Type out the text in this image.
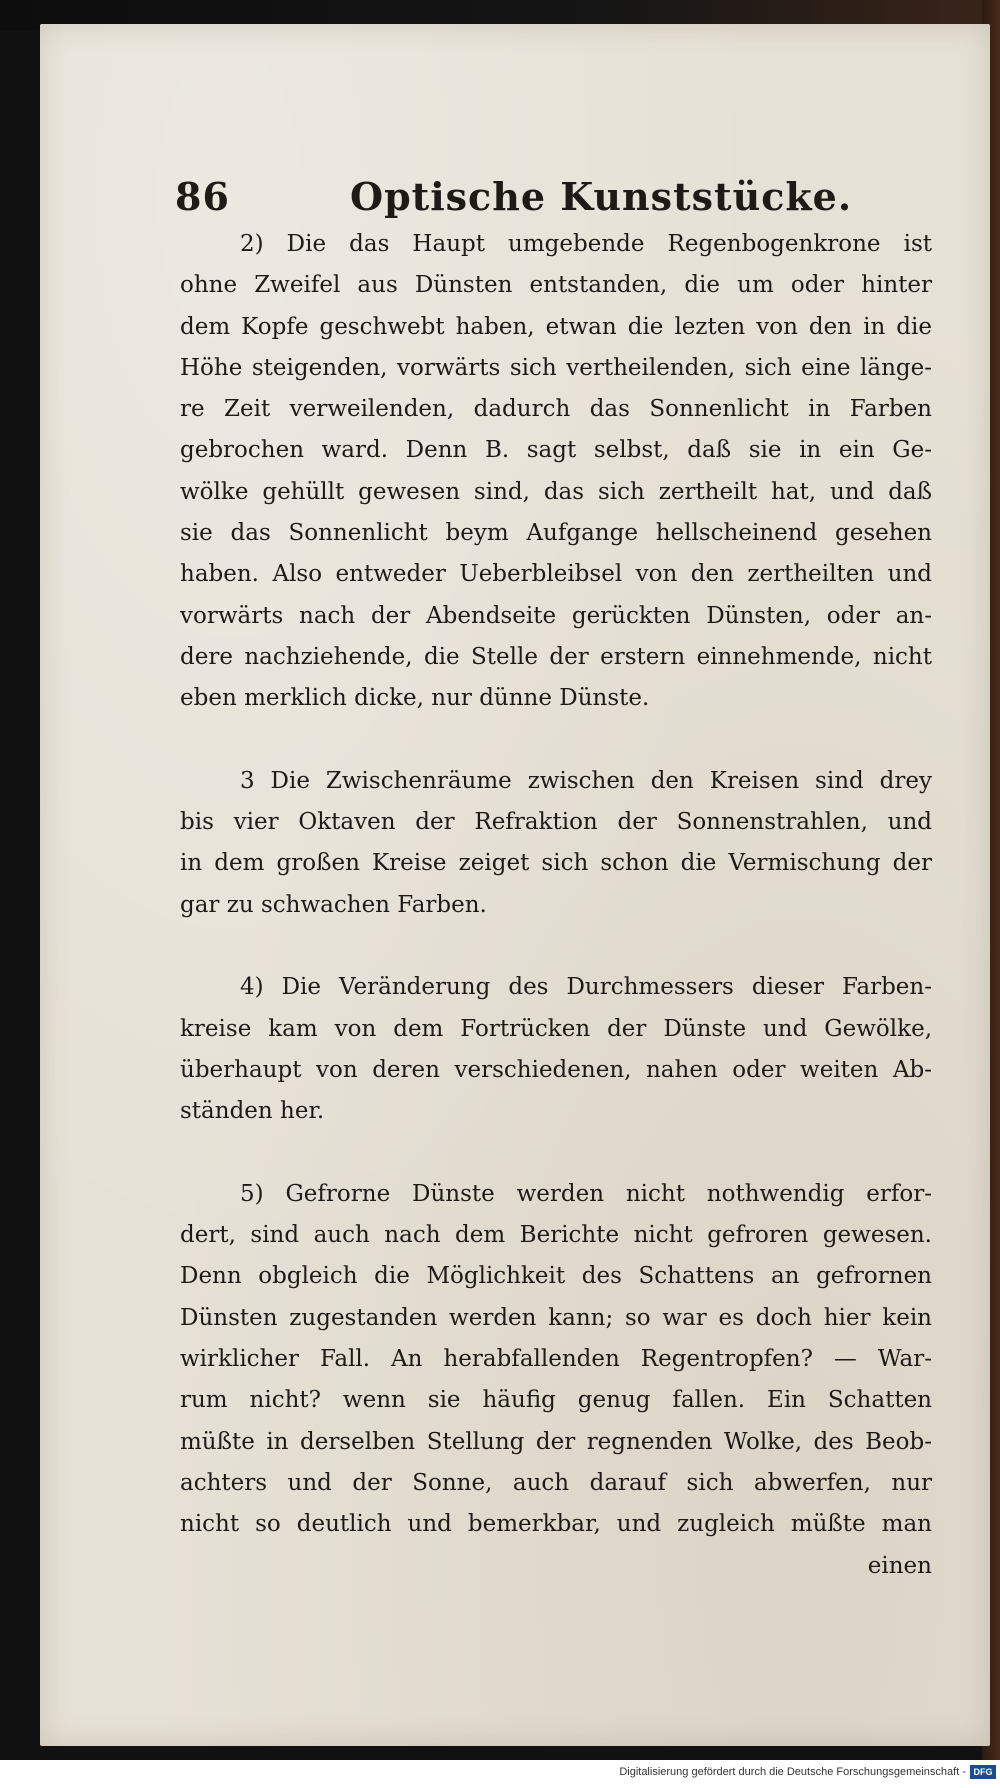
86	Optische Kunststücke.
2) Die das Haupt umgebende Regenbogenkrone ist
ohne Zweifel aus Dünsten entstanden, die um oder hinter
dem Kopfe geschwebt haben, etwan die lezten von den in die
Höhe steigenden, vorwärts sich vertheilenden, sich eine länge-
re Zeit verweilenden, dadurch das Sonnenlicht in Farben
gebrochen ward. Denn B. sagt selbst, daß sie in ein Ge-
wölke gehüllt gewesen sind, das sich zertheilt hat, und daß
sie das Sonnenlicht beym Aufgange hellscheinend gesehen
haben. Also entweder Ueberbleibsel von den zertheilten und
vorwärts nach der Abendseite gerückten Dünsten, oder an-
dere nachziehende, die Stelle der erstern einnehmende, nicht
eben merklich dicke, nur dünne Dünste.
3 Die Zwischenräume zwischen den Kreisen sind drey
bis vier Oktaven der Refraktion der Sonnenstrahlen, und
in dem großen Kreise zeiget sich schon die Vermischung der
gar zu schwachen Farben.
4) Die Veränderung des Durchmessers dieser Farben-
kreise kam von dem Fortrücken der Dünste und Gewölke,
überhaupt von deren verschiedenen, nahen oder weiten Ab-
ständen her.
5) Gefrorne Dünste werden nicht nothwendig erfor-
dert, sind auch nach dem Berichte nicht gefroren gewesen.
Denn obgleich die Möglichkeit des Schattens an gefrornen
Dünsten zugestanden werden kann; so war es doch hier kein
wirklicher Fall. An herabfallenden Regentropfen? — War-
rum nicht? wenn sie häufig genug fallen. Ein Schatten
müßte in derselben Stellung der regnenden Wolke, des Beob-
achters und der Sonne, auch darauf sich abwerfen, nur
nicht so deutlich und bemerkbar, und zugleich müßte man
einen
Digitalisierung gefördert durch die Deutsche Forschungsgemeinschaft - DFG
